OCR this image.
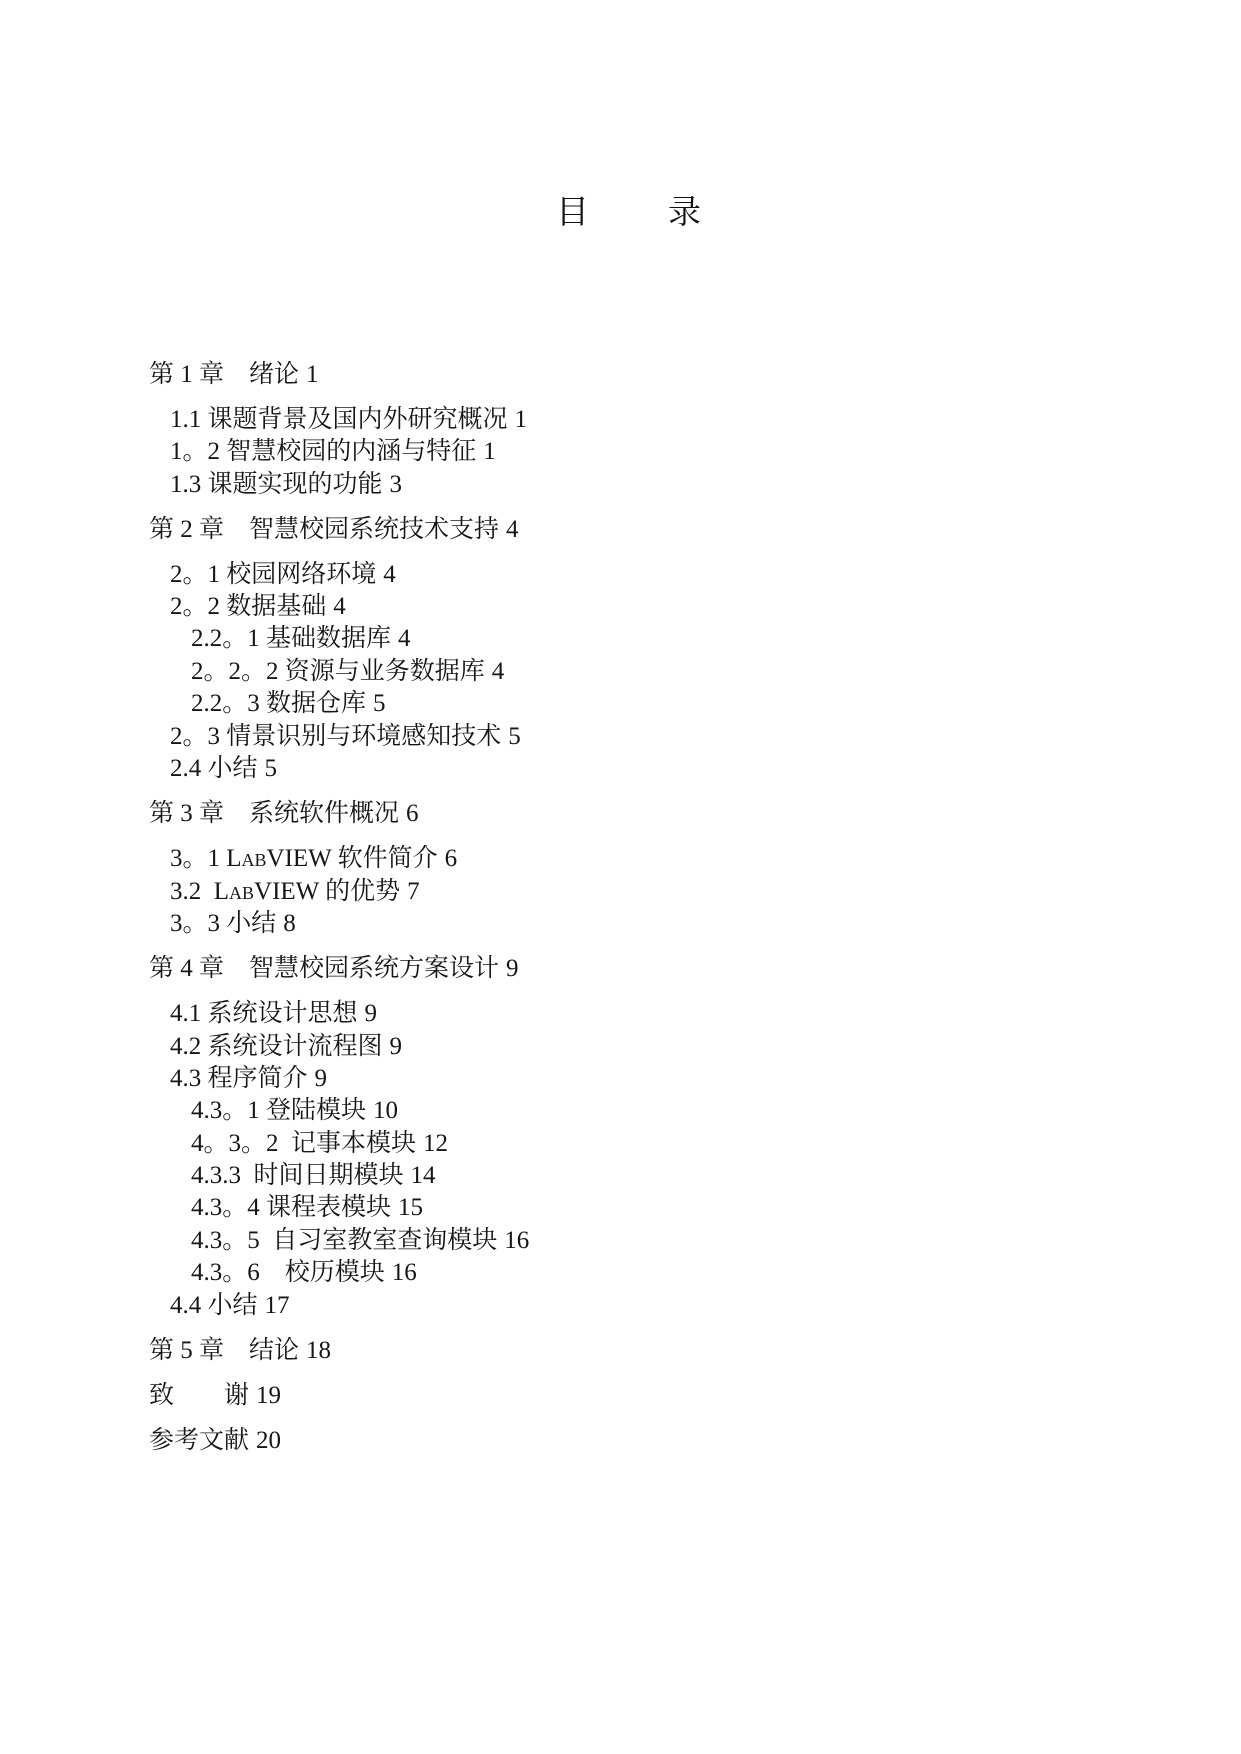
目　录
第 1 章　绪论 1
1.1 课题背景及国内外研究概况 1
1。2 智慧校园的内涵与特征 1
1.3 课题实现的功能 3
第 2 章　智慧校园系统技术支持 4
2。1 校园网络环境 4
2。2 数据基础 4
2.2。1 基础数据库 4
2。2。2 资源与业务数据库 4
2.2。3 数据仓库 5
2。3 情景识别与环境感知技术 5
2.4 小结 5
第 3 章　系统软件概况 6
3。1 LabVIEW 软件简介 6
3.2  LabVIEW 的优势 7
3。3 小结 8
第 4 章　智慧校园系统方案设计 9
4.1 系统设计思想 9
4.2 系统设计流程图 9
4.3 程序简介 9
4.3。1 登陆模块 10
4。3。2  记事本模块 12
4.3.3  时间日期模块 14
4.3。4 课程表模块 15
4.3。5  自习室教室查询模块 16
4.3。6　校历模块 16
4.4 小结 17
第 5 章　结论 18
致　　谢 19
参考文献 20
